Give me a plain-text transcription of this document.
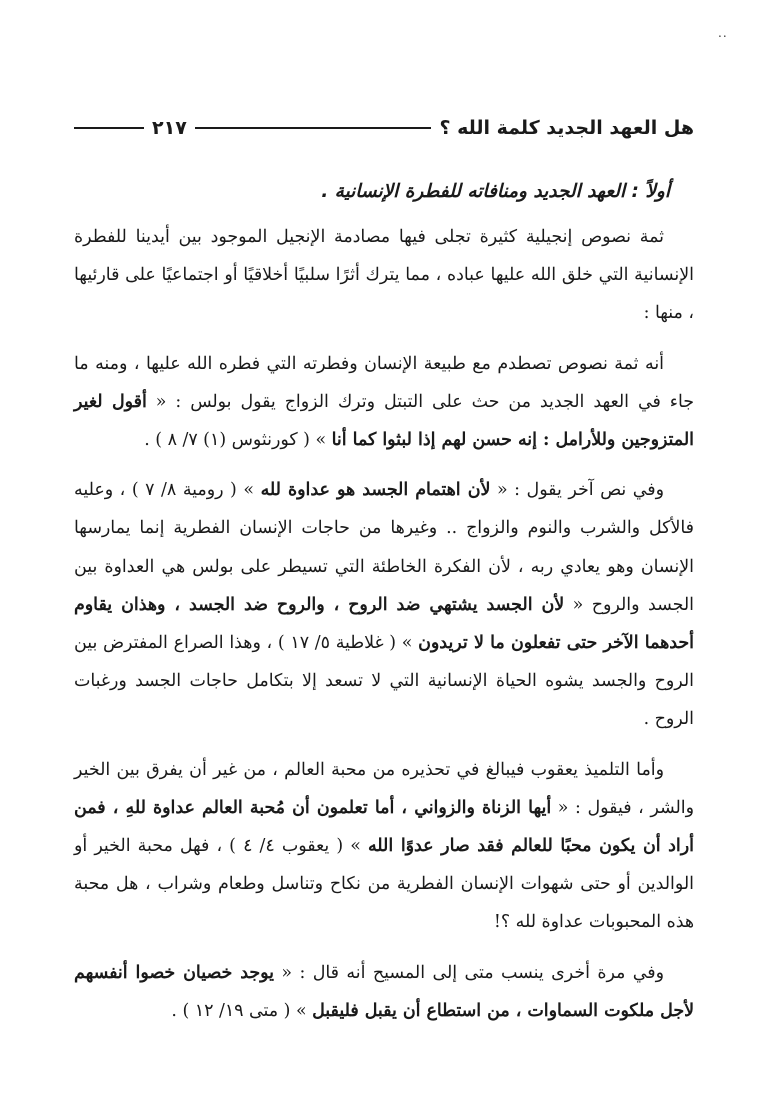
..
هل العهد الجديد كلمة الله ؟
٢١٧
أولاً : العهد الجديد ومنافاته للفطرة الإنسانية .

ثمة نصوص إنجيلية كثيرة تجلى فيها مصادمة الإنجيل الموجود بين أيدينا للفطرة الإنسانية التي خلق الله عليها عباده ، مما يترك أثرًا سلبيًا أخلاقيًا أو اجتماعيًا على قارئيها ، منها :

أنه ثمة نصوص تصطدم مع طبيعة الإنسان وفطرته التي فطره الله عليها ، ومنه ما جاء في العهد الجديد من حث على التبتل وترك الزواج يقول بولس : « أقول لغير المتزوجين وللأرامل : إنه حسن لهم إذا لبثوا كما أنا » ( كورنثوس (١) ٧/ ٨ ) .

وفي نص آخر يقول : « لأن اهتمام الجسد هو عداوة لله » ( رومية ٨/ ٧ ) ، وعليه فالأكل والشرب والنوم والزواج .. وغيرها من حاجات الإنسان الفطرية إنما يمارسها الإنسان وهو يعادي ربه ، لأن الفكرة الخاطئة التي تسيطر على بولس هي العداوة بين الجسد والروح « لأن الجسد يشتهي ضد الروح ، والروح ضد الجسد ، وهذان يقاوم أحدهما الآخر حتى تفعلون ما لا تريدون » ( غلاطية ٥/ ١٧ ) ، وهذا الصراع المفترض بين الروح والجسد يشوه الحياة الإنسانية التي لا تسعد إلا بتكامل حاجات الجسد ورغبات الروح .

وأما التلميذ يعقوب فيبالغ في تحذيره من محبة العالم ، من غير أن يفرق بين الخير والشر ، فيقول : « أيها الزناة والزواني ، أما تعلمون أن مُحبة العالم عداوة للهِ ، فمن أراد أن يكون محبًا للعالم فقد صار عدوًا الله » ( يعقوب ٤/ ٤ ) ، فهل محبة الخير أو الوالدين أو حتى شهوات الإنسان الفطرية من نكاح وتناسل وطعام وشراب ، هل محبة هذه المحبوبات عداوة لله ؟!

وفي مرة أخرى ينسب متى إلى المسيح أنه قال : « يوجد خصيان خصوا أنفسهم لأجل ملكوت السماوات ، من استطاع أن يقبل فليقبل » ( متى ١٩/ ١٢ ) .
